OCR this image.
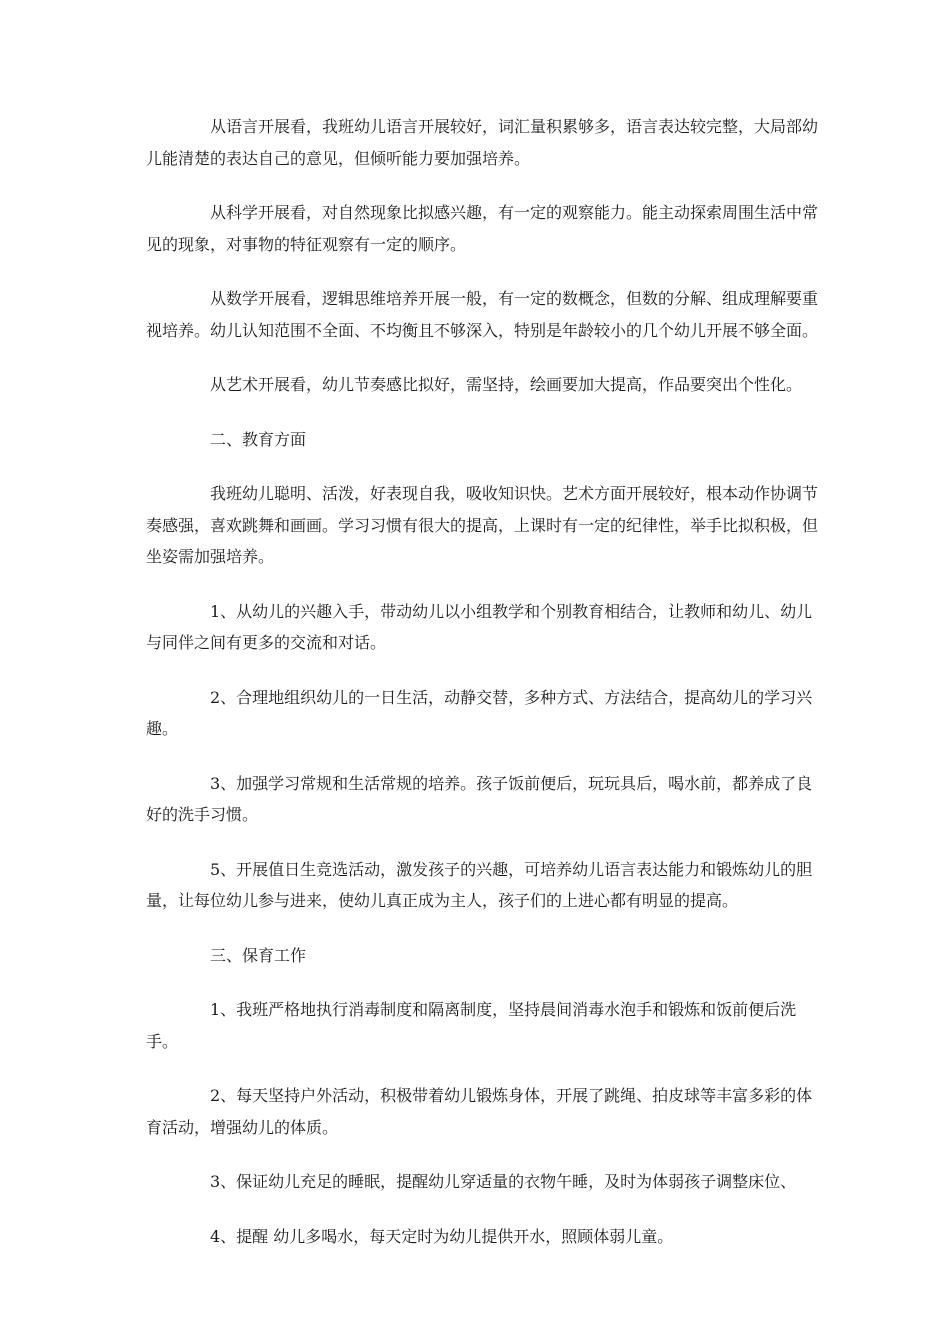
从语言开展看，我班幼儿语言开展较好，词汇量积累够多，语言表达较完整，大局部幼儿能清楚的表达自己的意见，但倾听能力要加强培养。

从科学开展看，对自然现象比拟感兴趣，有一定的观察能力。能主动探索周围生活中常见的现象，对事物的特征观察有一定的顺序。

从数学开展看，逻辑思维培养开展一般，有一定的数概念，但数的分解、组成理解要重视培养。幼儿认知范围不全面、不均衡且不够深入，特别是年龄较小的几个幼儿开展不够全面。

从艺术开展看，幼儿节奏感比拟好，需坚持，绘画要加大提高，作品要突出个性化。

二、教育方面

我班幼儿聪明、活泼，好表现自我，吸收知识快。艺术方面开展较好，根本动作协调节奏感强，喜欢跳舞和画画。学习习惯有很大的提高，上课时有一定的纪律性，举手比拟积极，但坐姿需加强培养。

1、从幼儿的兴趣入手，带动幼儿以小组教学和个别教育相结合，让教师和幼儿、幼儿与同伴之间有更多的交流和对话。

2、合理地组织幼儿的一日生活，动静交替，多种方式、方法结合，提高幼儿的学习兴趣。

3、加强学习常规和生活常规的培养。孩子饭前便后，玩玩具后，喝水前，都养成了良好的洗手习惯。

5、开展值日生竞选活动，激发孩子的兴趣，可培养幼儿语言表达能力和锻炼幼儿的胆量，让每位幼儿参与进来，使幼儿真正成为主人，孩子们的上进心都有明显的提高。

三、保育工作

1、我班严格地执行消毒制度和隔离制度，坚持晨间消毒水泡手和锻炼和饭前便后洗手。

2、每天坚持户外活动，积极带着幼儿锻炼身体，开展了跳绳、拍皮球等丰富多彩的体育活动，增强幼儿的体质。

3、保证幼儿充足的睡眠，提醒幼儿穿适量的衣物午睡，及时为体弱孩子调整床位、

4、提醒 幼儿多喝水，每天定时为幼儿提供开水，照顾体弱儿童。
